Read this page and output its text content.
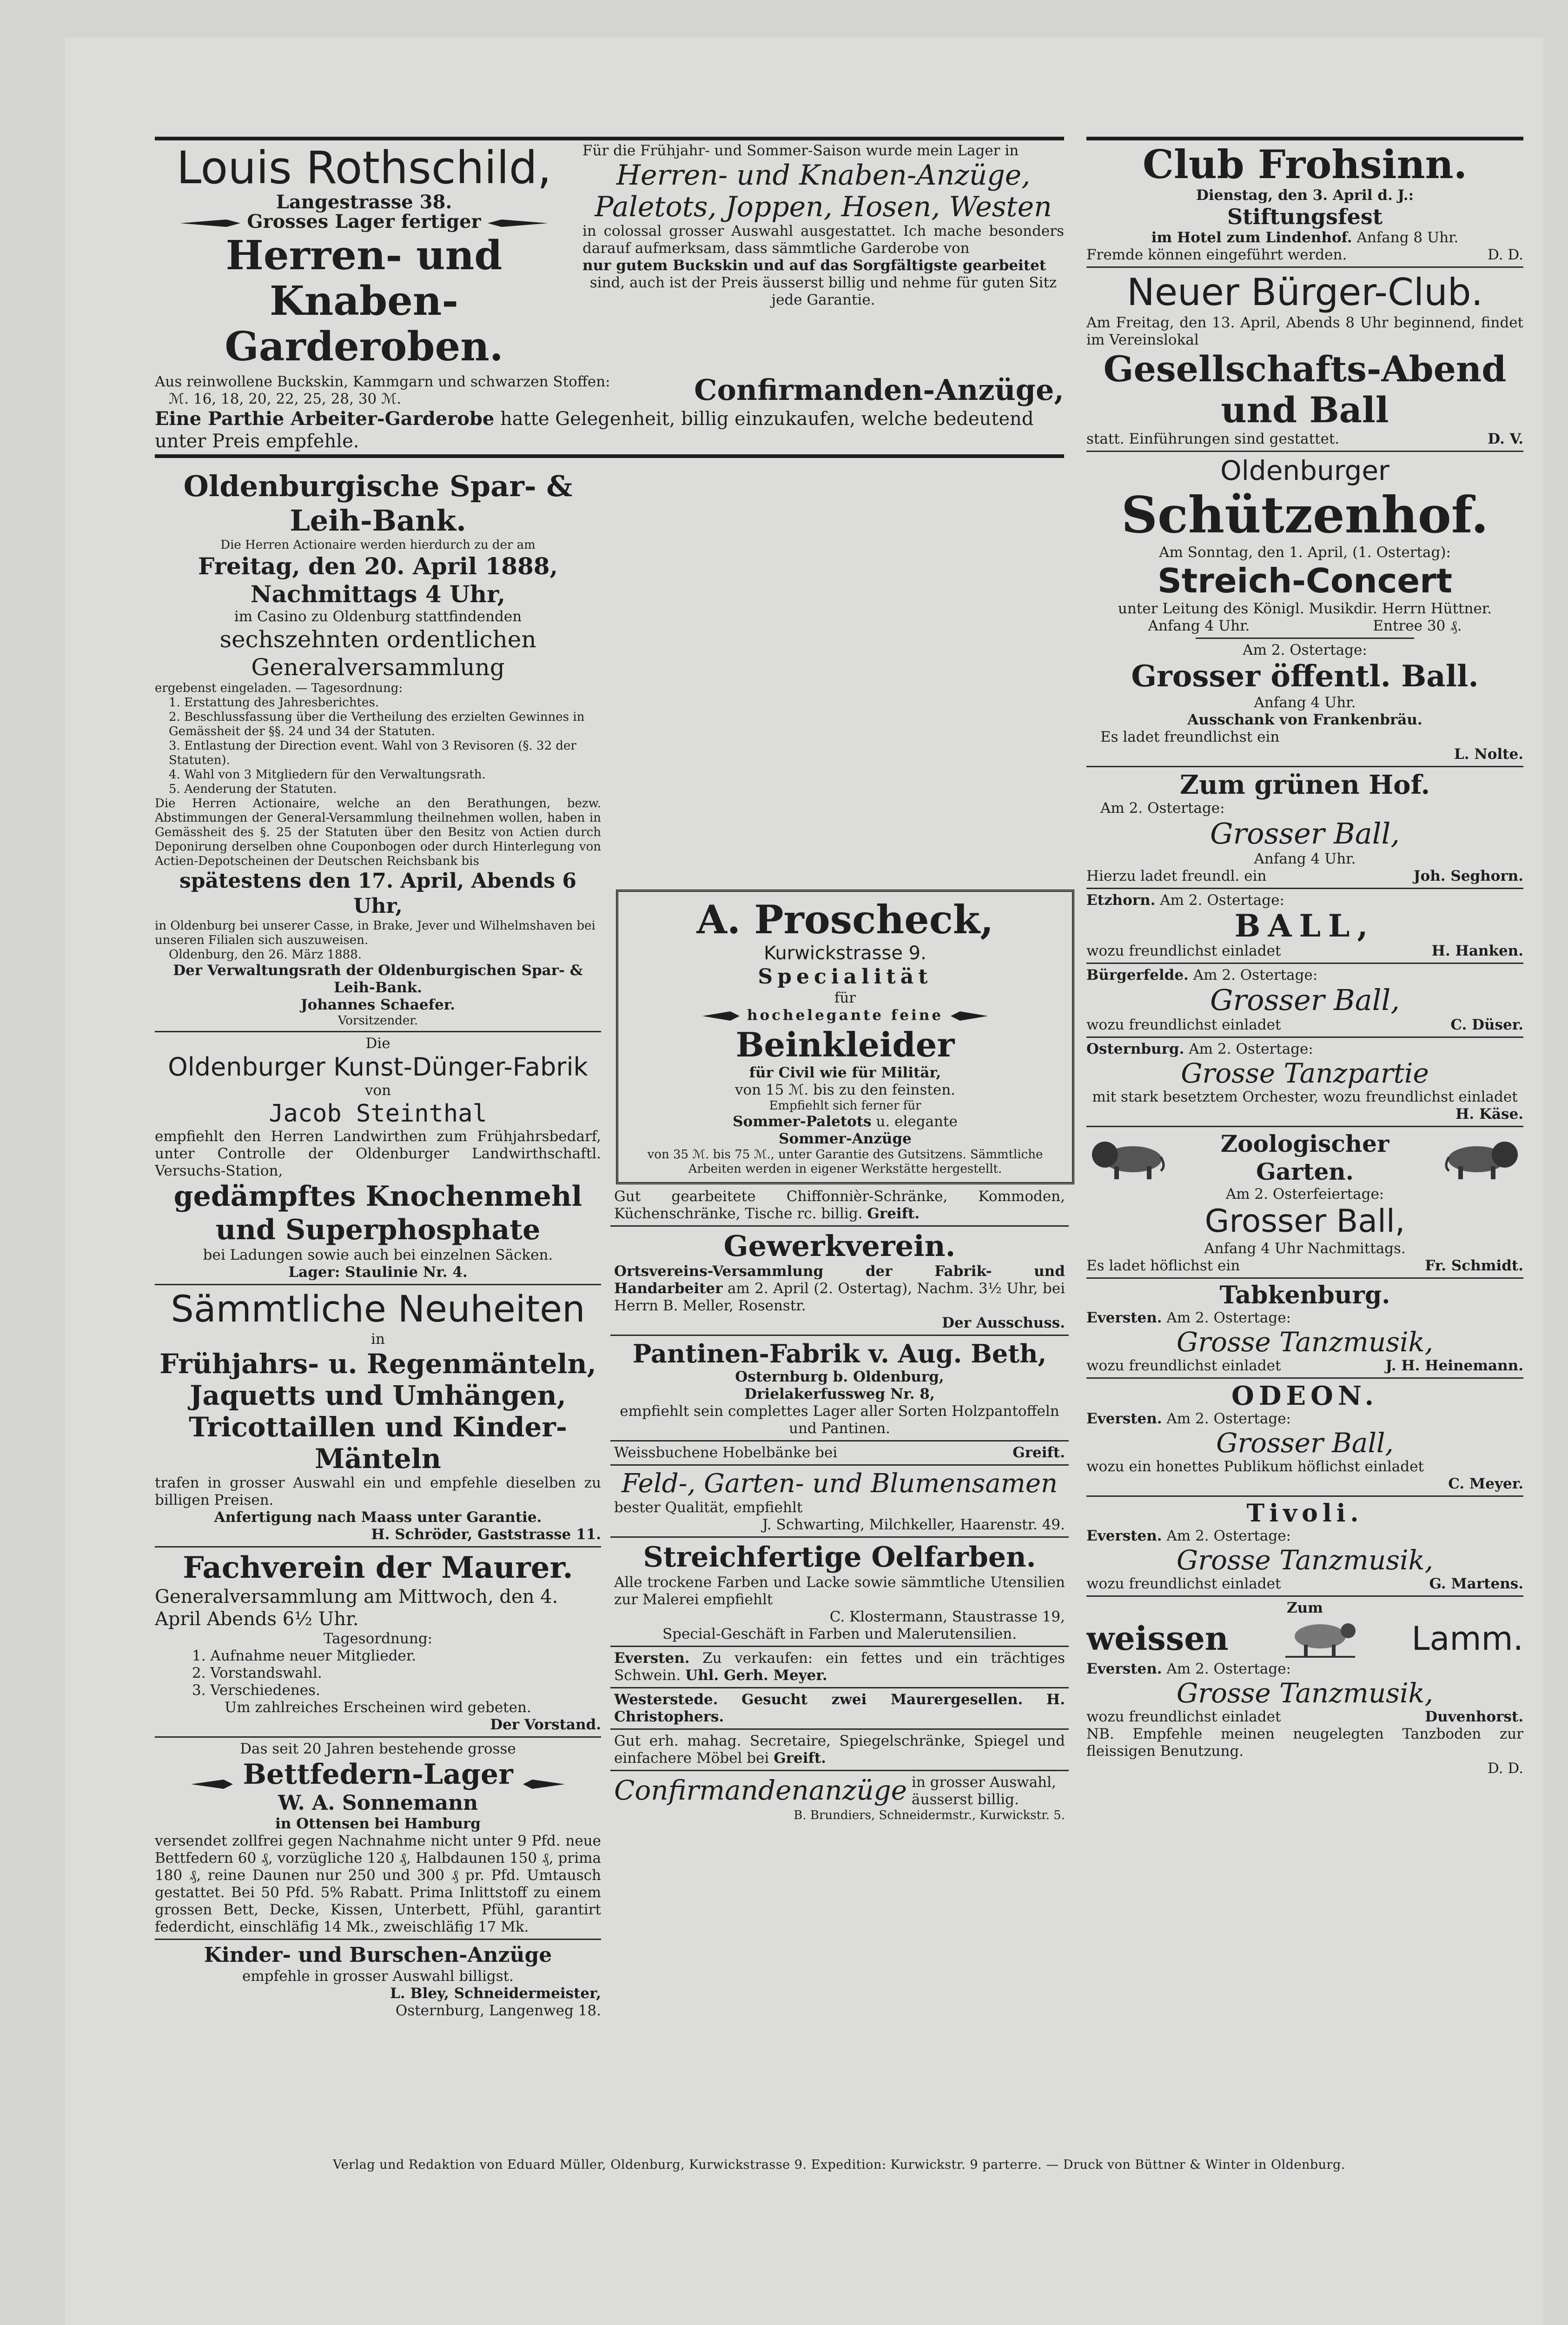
Louis Rothschild,

Langestrasse 38.

Grosses Lager fertiger

Herren- und Knaben-Garderoben.

Für die Frühjahr- und Sommer-Saison wurde mein Lager in

Herren- und Knaben-Anzüge,

Paletots, Joppen, Hosen, Westen

in colossal grosser Auswahl ausgestattet. Ich mache besonders darauf aufmerksam, dass sämmtliche Garderobe von

nur gutem Buckskin und auf das Sorgfältigste gearbeitet

sind, auch ist der Preis äusserst billig und nehme für guten Sitz jede Garantie.

Aus reinwollene Buckskin, Kammgarn und schwarzen Stoffen:

ℳ. 16, 18, 20, 22, 25, 28, 30 ℳ.	Confirmanden-Anzüge,

Eine Parthie Arbeiter-Garderobe hatte Gelegenheit, billig einzukaufen, welche bedeutend unter Preis empfehle.

Oldenburgische Spar- & Leih-Bank.

Die Herren Actionaire werden hierdurch zu der am

Freitag, den 20. April 1888, Nachmittags 4 Uhr,

im Casino zu Oldenburg stattfindenden

sechszehnten ordentlichen Generalversammlung

ergebenst eingeladen. — Tagesordnung:

1. Erstattung des Jahresberichtes.

2. Beschlussfassung über die Vertheilung des erzielten Gewinnes in Gemässheit der §§. 24 und 34 der Statuten.

3. Entlastung der Direction event. Wahl von 3 Revisoren (§. 32 der Statuten).

4. Wahl von 3 Mitgliedern für den Verwaltungsrath.

5. Aenderung der Statuten.

Die Herren Actionaire, welche an den Berathungen, bezw. Abstimmungen der General-Versammlung theilnehmen wollen, haben in Gemässheit des §. 25 der Statuten über den Besitz von Actien durch Deponirung derselben ohne Couponbogen oder durch Hinterlegung von Actien-Depotscheinen der Deutschen Reichsbank bis

spätestens den 17. April, Abends 6 Uhr,

in Oldenburg bei unserer Casse, in Brake, Jever und Wilhelmshaven bei unseren Filialen sich auszuweisen.

Oldenburg, den 26. März 1888.

Der Verwaltungsrath der Oldenburgischen Spar- & Leih-Bank.

Johannes Schaefer.

Vorsitzender.

Die

Oldenburger Kunst-Dünger-Fabrik

von

Jacob Steinthal

empfiehlt den Herren Landwirthen zum Frühjahrsbedarf, unter Controlle der Oldenburger Landwirthschaftl. Versuchs-Station,

gedämpftes Knochenmehl und Superphosphate

bei Ladungen sowie auch bei einzelnen Säcken.

Lager: Staulinie Nr. 4.

Sämmtliche Neuheiten

in

Frühjahrs- u. Regenmänteln,

Jaquetts und Umhängen,

Tricottaillen und Kinder-Mänteln

trafen in grosser Auswahl ein und empfehle dieselben zu billigen Preisen.

Anfertigung nach Maass unter Garantie.

H. Schröder, Gaststrasse 11.

Fachverein der Maurer.

Generalversammlung am Mittwoch, den 4. April Abends 6½ Uhr.

Tagesordnung:

1. Aufnahme neuer Mitglieder.

2. Vorstandswahl.

3. Verschiedenes.

Um zahlreiches Erscheinen wird gebeten.

Der Vorstand.

Das seit 20 Jahren bestehende grosse

Bettfedern-Lager

W. A. Sonnemann

in Ottensen bei Hamburg

versendet zollfrei gegen Nachnahme nicht unter 9 Pfd. neue Bettfedern 60 ₰, vorzügliche 120 ₰, Halbdaunen 150 ₰, prima 180 ₰, reine Daunen nur 250 und 300 ₰ pr. Pfd. Umtausch gestattet. Bei 50 Pfd. 5% Rabatt. Prima Inlittstoff zu einem grossen Bett, Decke, Kissen, Unterbett, Pfühl, garantirt federdicht, einschläfig 14 Mk., zweischläfig 17 Mk.

Kinder- und Burschen-Anzüge

empfehle in grosser Auswahl billigst.

L. Bley, Schneidermeister,

Osternburg, Langenweg 18.

A. Proscheck,

Kurwickstrasse 9.

Specialität

für

hochelegante feine

Beinkleider

für Civil wie für Militär,

von 15 ℳ. bis zu den feinsten.

Empfiehlt sich ferner für

Sommer-Paletots u. elegante

Sommer-Anzüge

von 35 ℳ. bis 75 ℳ., unter Garantie des Gutsitzens. Sämmtliche Arbeiten werden in eigener Werkstätte hergestellt.

Gut gearbeitete Chiffonnièr-Schränke, Kommoden, Küchenschränke, Tische rc. billig. Greift.

Gewerkverein.

Ortsvereins-Versammlung der Fabrik- und Handarbeiter am 2. April (2. Ostertag), Nachm. 3½ Uhr, bei Herrn B. Meller, Rosenstr.

Der Ausschuss.

Pantinen-Fabrik v. Aug. Beth,

Osternburg b. Oldenburg,

Drielakerfussweg Nr. 8,

empfiehlt sein complettes Lager aller Sorten Holzpantoffeln und Pantinen.

Weissbuchene Hobelbänke bei	Greift.

Feld-, Garten- und Blumensamen

bester Qualität, empfiehlt

J. Schwarting, Milchkeller, Haarenstr. 49.

Streichfertige Oelfarben.

Alle trockene Farben und Lacke sowie sämmtliche Utensilien zur Malerei empfiehlt

C. Klostermann, Staustrasse 19,

Special-Geschäft in Farben und Malerutensilien.

Eversten. Zu verkaufen: ein fettes und ein trächtiges Schwein. Uhl. Gerh. Meyer.

Westerstede. Gesucht zwei Maurergesellen. H. Christophers.

Gut erh. mahag. Secretaire, Spiegelschränke, Spiegel und einfachere Möbel bei Greift.

Confirmandenanzüge in grosser Auswahl, äusserst billig.

B. Brundiers, Schneidermstr., Kurwickstr. 5.

Club Frohsinn.

Dienstag, den 3. April d. J.:

Stiftungsfest

im Hotel zum Lindenhof. Anfang 8 Uhr.

Fremde können eingeführt werden.	D. D.

Neuer Bürger-Club.

Am Freitag, den 13. April, Abends 8 Uhr beginnend, findet im Vereinslokal

Gesellschafts-Abend und Ball

statt. Einführungen sind gestattet.	D. V.

Oldenburger

Schützenhof.

Am Sonntag, den 1. April, (1. Ostertag):

Streich-Concert

unter Leitung des Königl. Musikdir. Herrn Hüttner.

Anfang 4 Uhr.	Entree 30 ₰.

Am 2. Ostertage:

Grosser öffentl. Ball.

Anfang 4 Uhr.

Ausschank von Frankenbräu.

Es ladet freundlichst ein

L. Nolte.

Zum grünen Hof.

Am 2. Ostertage:

Grosser Ball,

Anfang 4 Uhr.

Hierzu ladet freundl. ein	Joh. Seghorn.

Etzhorn. Am 2. Ostertage:

BALL,

wozu freundlichst einladet	H. Hanken.

Bürgerfelde. Am 2. Ostertage:

Grosser Ball,

wozu freundlichst einladet	C. Düser.

Osternburg. Am 2. Ostertage:

Grosse Tanzpartie

mit stark besetztem Orchester, wozu freundlichst einladet

H. Käse.

Zoologischer Garten.

Am 2. Osterfeiertage:

Grosser Ball,

Anfang 4 Uhr Nachmittags.

Es ladet höflichst ein	Fr. Schmidt.

Tabkenburg.

Eversten. Am 2. Ostertage:

Grosse Tanzmusik,

wozu freundlichst einladet	J. H. Heinemann.

ODEON.

Eversten. Am 2. Ostertage:

Grosser Ball,

wozu ein honettes Publikum höflichst einladet

C. Meyer.

Tivoli.

Eversten. Am 2. Ostertage:

Grosse Tanzmusik,

wozu freundlichst einladet	G. Martens.

Zum

weissen	Lamm.

Eversten. Am 2. Ostertage:

Grosse Tanzmusik,

wozu freundlichst einladet	Duvenhorst.

NB. Empfehle meinen neugelegten Tanzboden zur fleissigen Benutzung.

D. D.

Verlag und Redaktion von Eduard Müller, Oldenburg, Kurwickstrasse 9. Expedition: Kurwickstr. 9 parterre. — Druck von Büttner & Winter in Oldenburg.
